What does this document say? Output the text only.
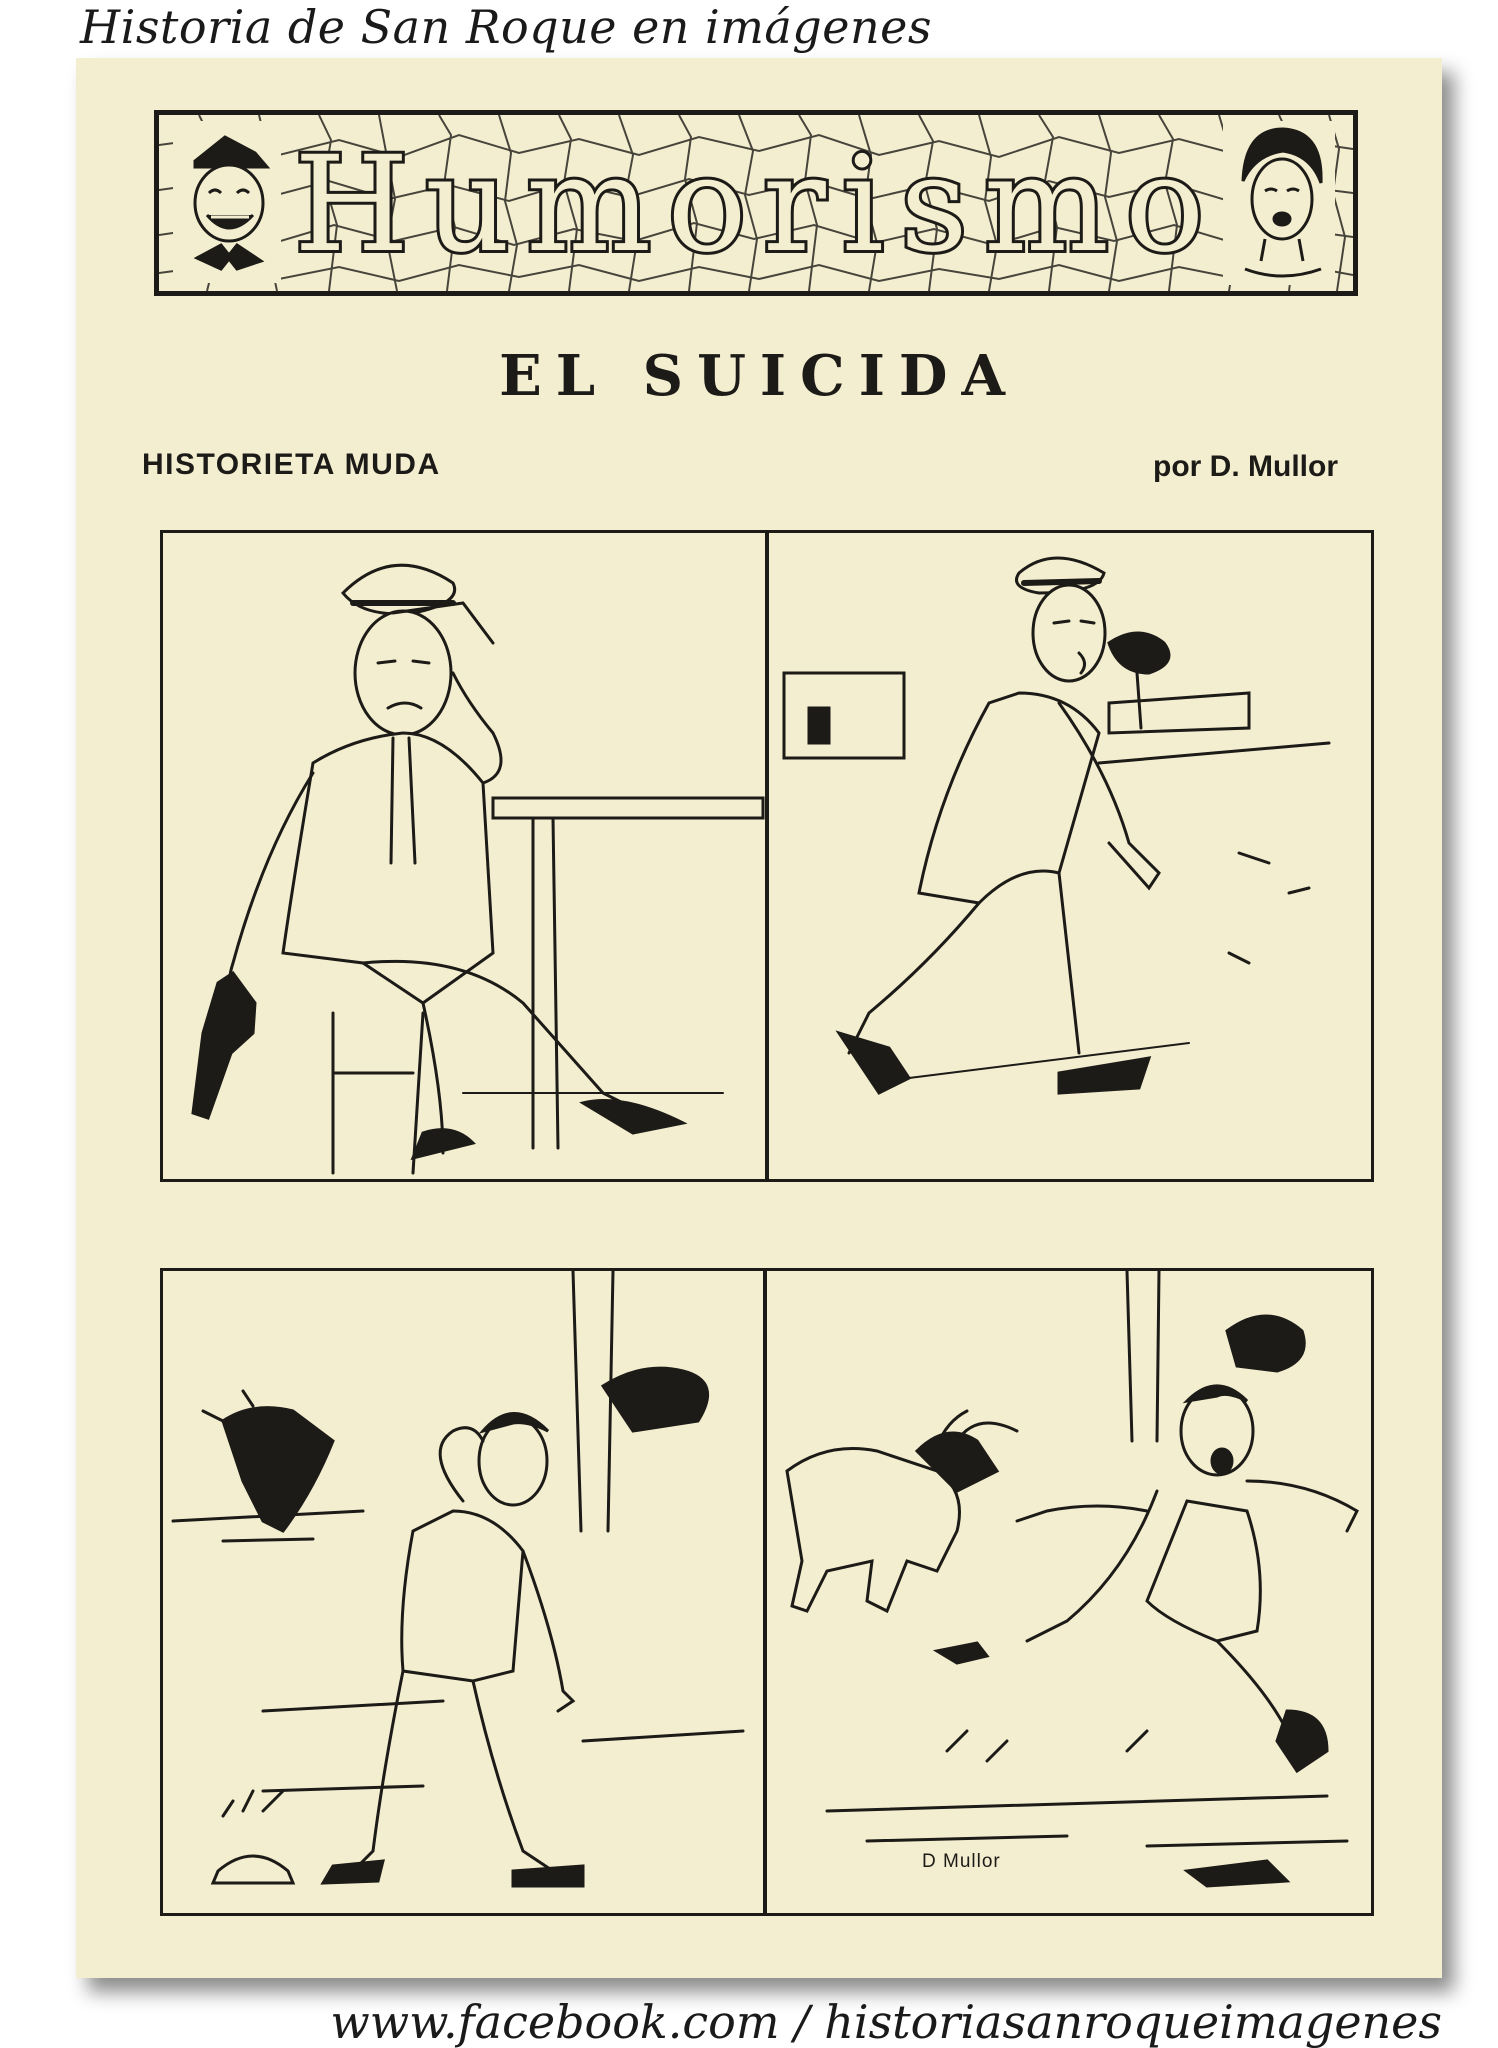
Historia de San Roque en imágenes
Humorismo
EL SUICIDA
HISTORIETA MUDA	por D. Mullor
D Mullor
www.facebook.com / historiasanroqueimagenes
